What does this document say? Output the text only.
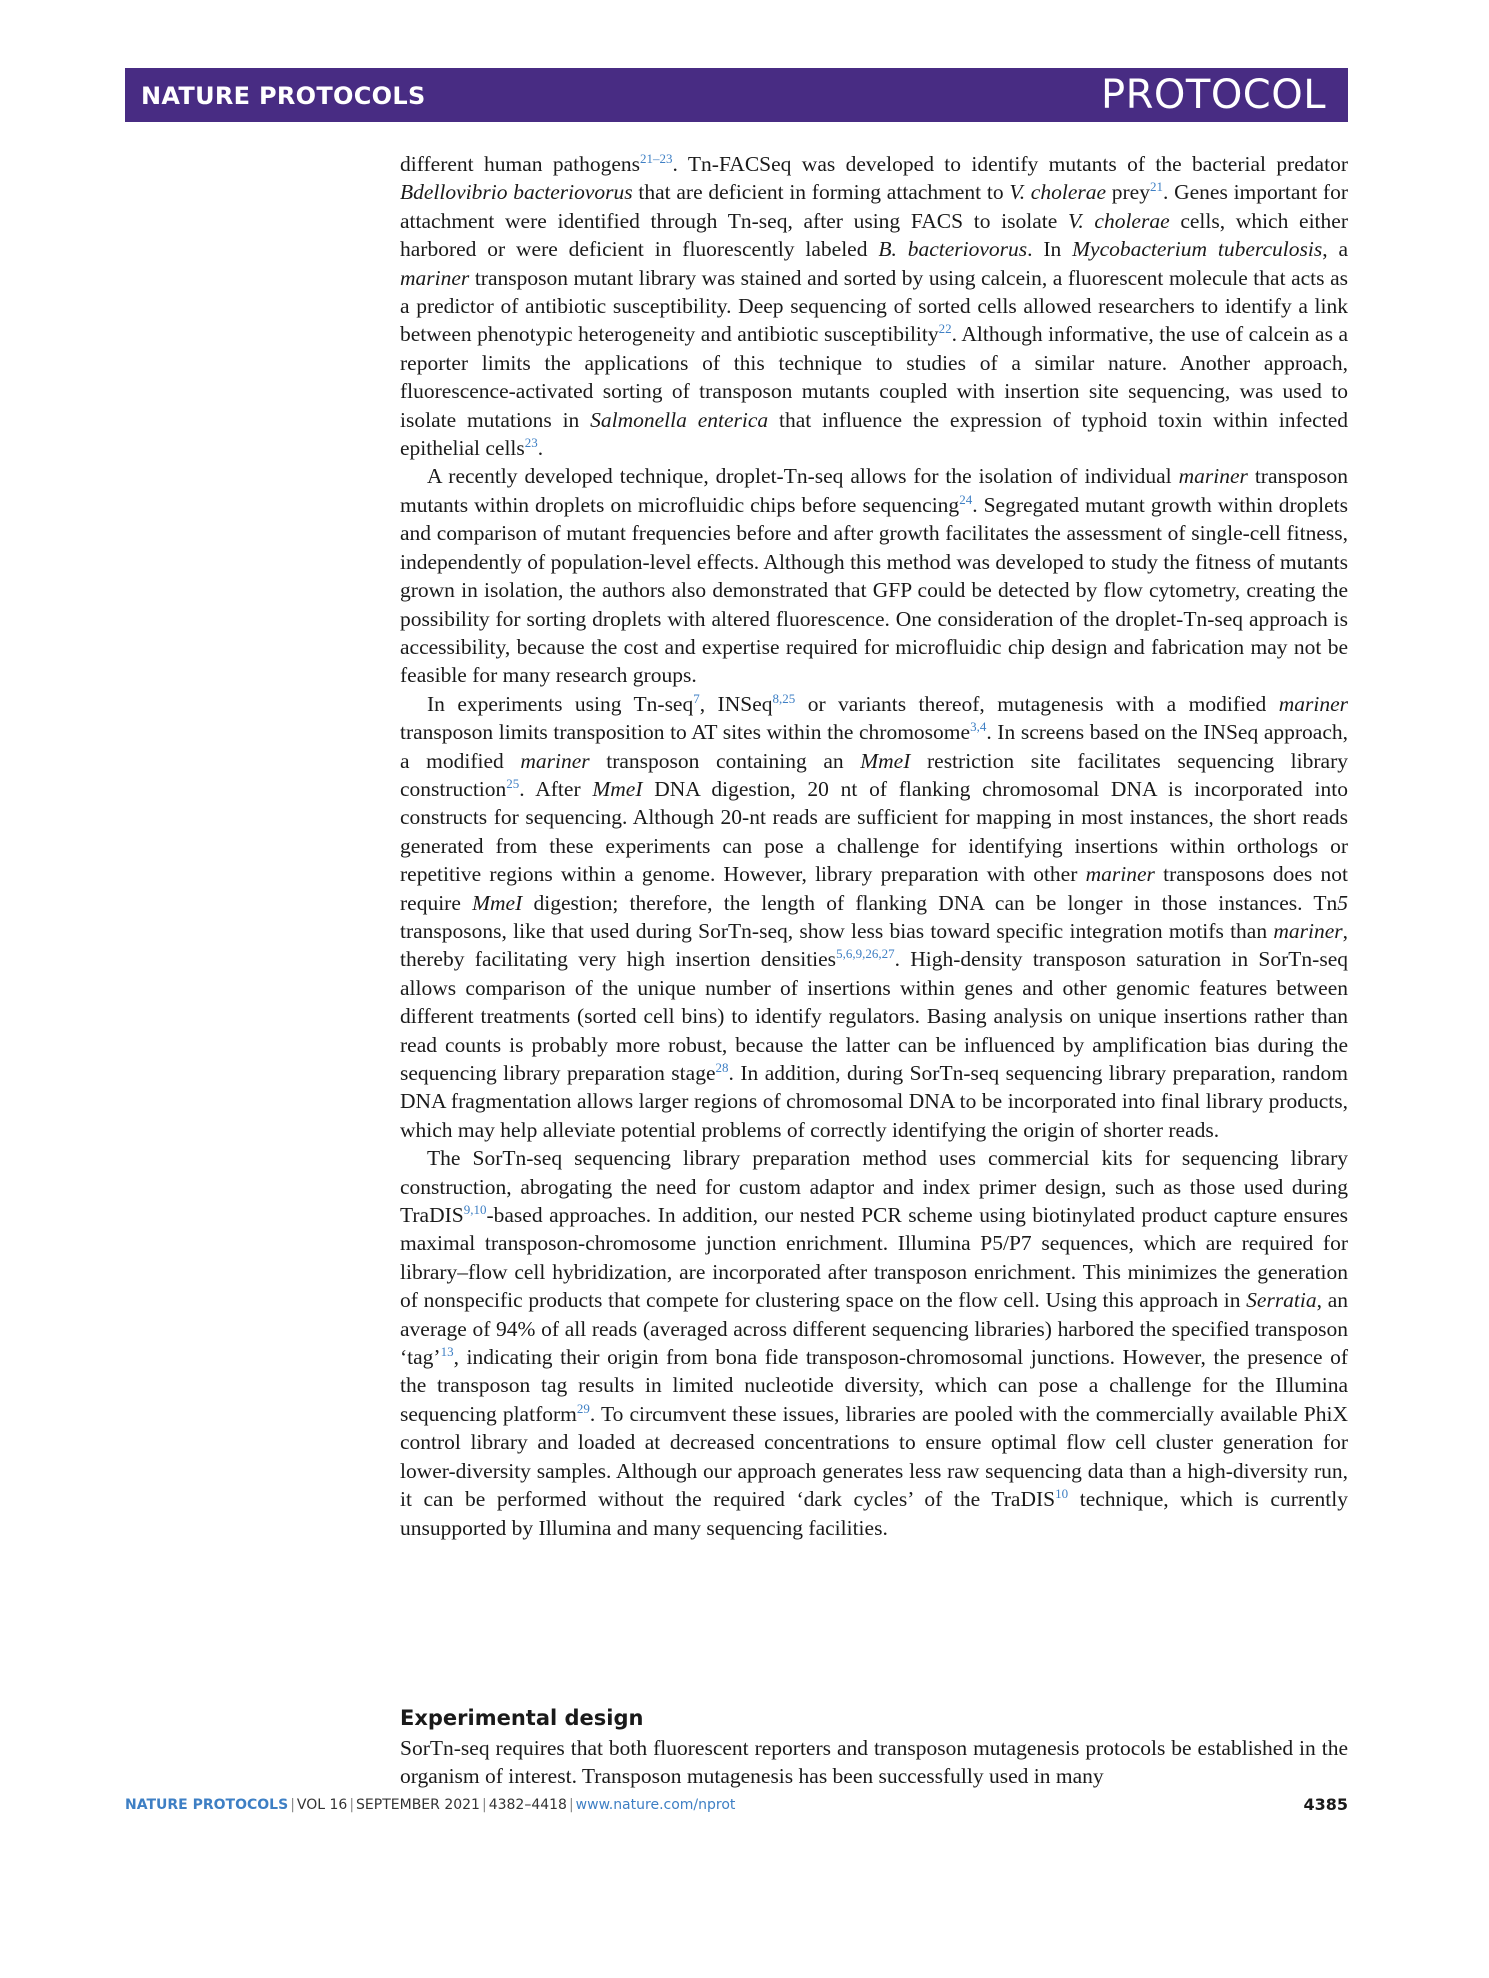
NATURE PROTOCOLS	PROTOCOL

different human pathogens$^{21-23}$. Tn-FACSeq was developed to identify mutants of the bacterial predator Bdellovibrio bacteriovorus that are deficient in forming attachment to V. cholerae prey$^{21}$. Genes important for attachment were identified through Tn-seq, after using FACS to isolate V. cholerae cells, which either harbored or were deficient in fluorescently labeled B. bacteriovorus. In Mycobacterium tuberculosis, a mariner transposon mutant library was stained and sorted by using calcein, a fluorescent molecule that acts as a predictor of antibiotic susceptibility. Deep sequencing of sorted cells allowed researchers to identify a link between phenotypic heterogeneity and antibiotic susceptibility$^{22}$. Although informative, the use of calcein as a reporter limits the applications of this technique to studies of a similar nature. Another approach, fluorescence-activated sorting of transposon mutants coupled with insertion site sequencing, was used to isolate mutations in Salmonella enterica that influence the expression of typhoid toxin within infected epithelial cells$^{23}$.

A recently developed technique, droplet-Tn-seq allows for the isolation of individual mariner transposon mutants within droplets on microfluidic chips before sequencing$^{24}$. Segregated mutant growth within droplets and comparison of mutant frequencies before and after growth facilitates the assessment of single-cell fitness, independently of population-level effects. Although this method was developed to study the fitness of mutants grown in isolation, the authors also demonstrated that GFP could be detected by flow cytometry, creating the possibility for sorting droplets with altered fluorescence. One consideration of the droplet-Tn-seq approach is accessibility, because the cost and expertise required for microfluidic chip design and fabrication may not be feasible for many research groups.

In experiments using Tn-seq$^7$, INSeq$^{8,25}$ or variants thereof, mutagenesis with a modified mariner transposon limits transposition to AT sites within the chromosome$^{3,4}$. In screens based on the INSeq approach, a modified mariner transposon containing an MmeI restriction site facilitates sequencing library construction$^{25}$. After MmeI DNA digestion, 20 nt of flanking chromosomal DNA is incorporated into constructs for sequencing. Although 20-nt reads are sufficient for mapping in most instances, the short reads generated from these experiments can pose a challenge for identifying insertions within orthologs or repetitive regions within a genome. However, library preparation with other mariner transposons does not require MmeI digestion; therefore, the length of flanking DNA can be longer in those instances. Tn5 transposons, like that used during SorTn-seq, show less bias toward specific integration motifs than mariner, thereby facilitating very high insertion densities$^{5,6,9,26,27}$. High-density transposon saturation in SorTn-seq allows comparison of the unique number of insertions within genes and other genomic features between different treatments (sorted cell bins) to identify regulators. Basing analysis on unique insertions rather than read counts is probably more robust, because the latter can be influenced by amplification bias during the sequencing library preparation stage$^{28}$. In addition, during SorTn-seq sequencing library preparation, random DNA fragmentation allows larger regions of chromosomal DNA to be incorporated into final library products, which may help alleviate potential problems of correctly identifying the origin of shorter reads.

The SorTn-seq sequencing library preparation method uses commercial kits for sequencing library construction, abrogating the need for custom adaptor and index primer design, such as those used during TraDIS$^{9,10}$-based approaches. In addition, our nested PCR scheme using biotinylated product capture ensures maximal transposon-chromosome junction enrichment. Illumina P5/P7 sequences, which are required for library–flow cell hybridization, are incorporated after transposon enrichment. This minimizes the generation of nonspecific products that compete for clustering space on the flow cell. Using this approach in Serratia, an average of 94% of all reads (averaged across different sequencing libraries) harbored the specified transposon ‘tag’$^{13}$, indicating their origin from bona fide transposon-chromosomal junctions. However, the presence of the transposon tag results in limited nucleotide diversity, which can pose a challenge for the Illumina sequencing platform$^{29}$. To circumvent these issues, libraries are pooled with the commercially available PhiX control library and loaded at decreased concentrations to ensure optimal flow cell cluster generation for lower-diversity samples. Although our approach generates less raw sequencing data than a high-diversity run, it can be performed without the required ‘dark cycles’ of the TraDIS$^{10}$ technique, which is currently unsupported by Illumina and many sequencing facilities.

Experimental design

SorTn-seq requires that both fluorescent reporters and transposon mutagenesis protocols be established in the organism of interest. Transposon mutagenesis has been successfully used in many

NATURE PROTOCOLS | VOL 16 | SEPTEMBER 2021 | 4382–4418 | www.nature.com/nprot	4385
